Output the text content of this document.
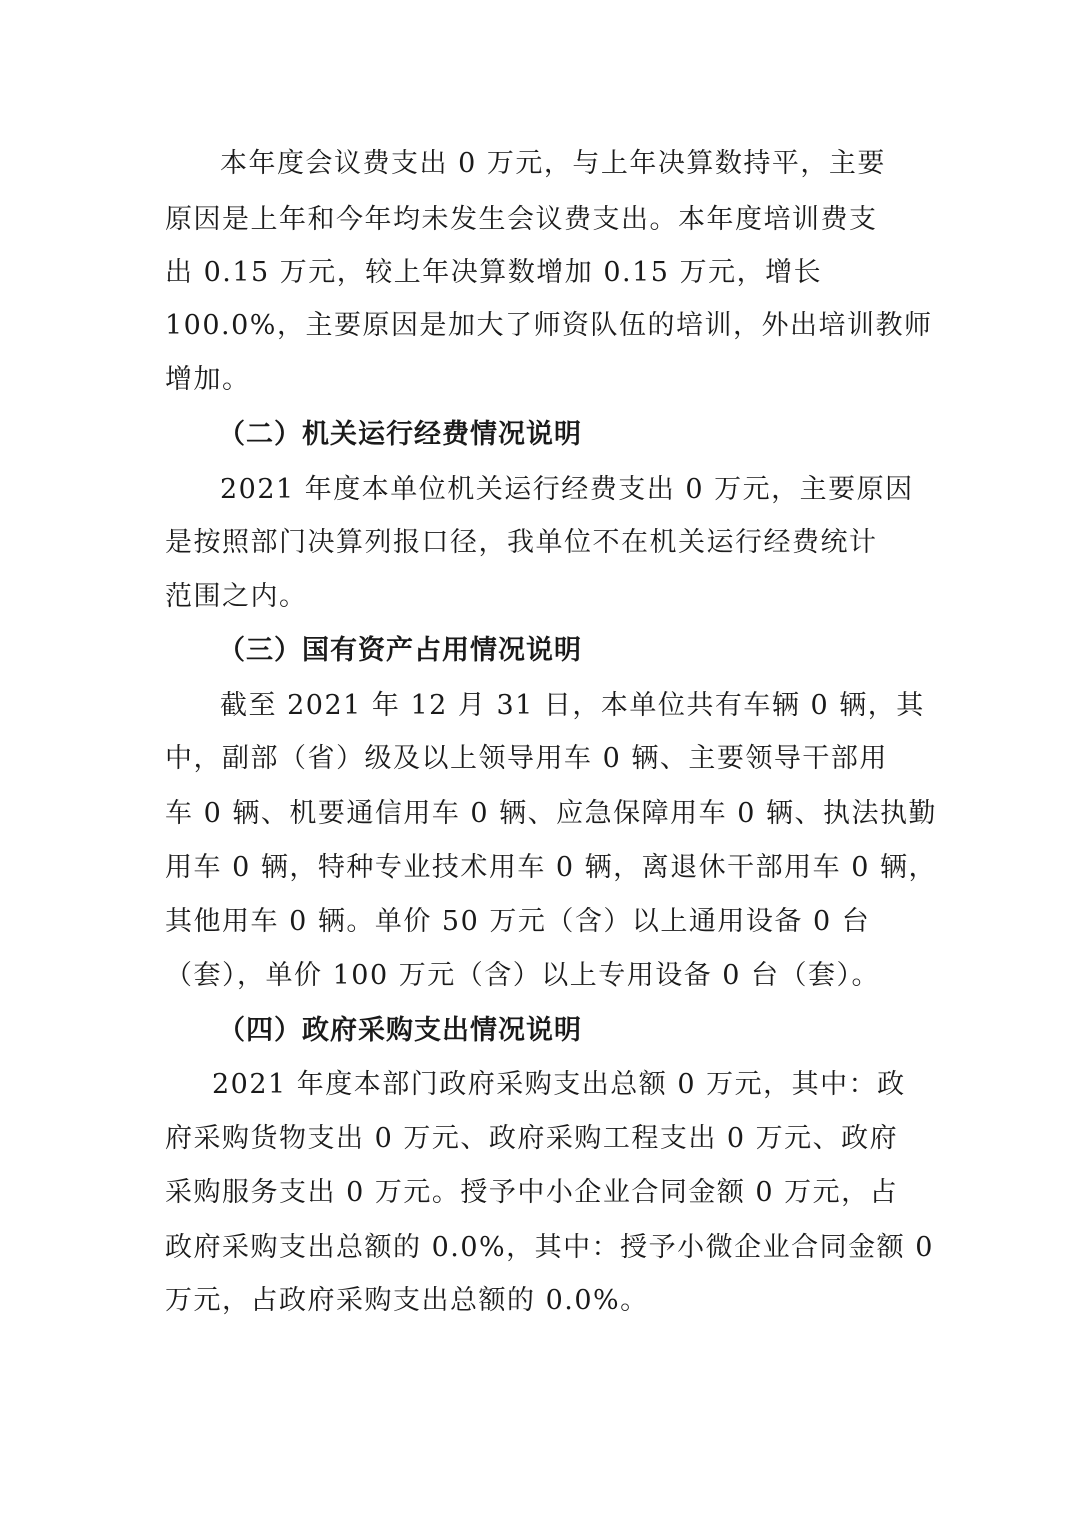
本年度会议费支出 0 万元，与上年决算数持平，主要
原因是上年和今年均未发生会议费支出。本年度培训费支
出 0.15 万元，较上年决算数增加 0.15 万元，增长
100.0%，主要原因是加大了师资队伍的培训，外出培训教师
增加。
（二）机关运行经费情况说明
2021 年度本单位机关运行经费支出 0 万元，主要原因
是按照部门决算列报口径，我单位不在机关运行经费统计
范围之内。
（三）国有资产占用情况说明
截至 2021 年 12 月 31 日，本单位共有车辆 0 辆，其
中，副部（省）级及以上领导用车 0 辆、主要领导干部用
车 0 辆、机要通信用车 0 辆、应急保障用车 0 辆、执法执勤
用车 0 辆，特种专业技术用车 0 辆，离退休干部用车 0 辆，
其他用车 0 辆。单价 50 万元（含）以上通用设备 0 台
（套），单价 100 万元（含）以上专用设备 0 台（套）。
（四）政府采购支出情况说明
2021 年度本部门政府采购支出总额 0 万元，其中：政
府采购货物支出 0 万元、政府采购工程支出 0 万元、政府
采购服务支出 0 万元。授予中小企业合同金额 0 万元，占
政府采购支出总额的 0.0%，其中：授予小微企业合同金额 0
万元，占政府采购支出总额的 0.0%。
